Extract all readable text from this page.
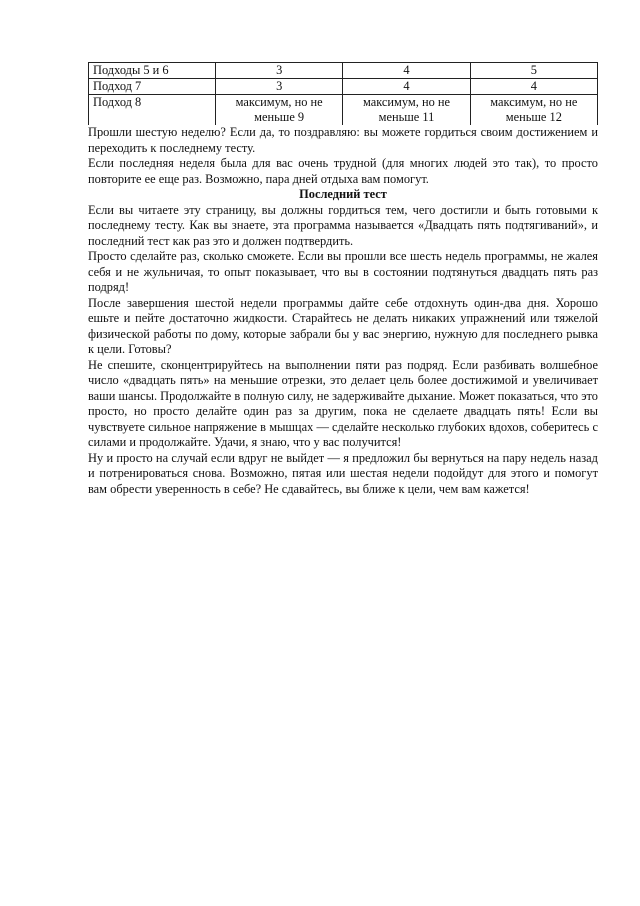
Подходы 5 и 6	3	4	5
Подход 7	3	4	4
Подход 8	максимум, но не меньше 9	максимум, но не меньше 11	максимум, но не меньше 12

Прошли шестую неделю? Если да, то поздравляю: вы можете гордиться своим достижением и переходить к последнему тесту.

Если последняя неделя была для вас очень трудной (для многих людей это так), то просто повторите ее еще раз. Возможно, пара дней отдыха вам помогут.

Последний тест

Если вы читаете эту страницу, вы должны гордиться тем, чего достигли и быть готовыми к последнему тесту. Как вы знаете, эта программа называется «Двадцать пять подтягиваний», и последний тест как раз это и должен подтвердить.

Просто сделайте раз, сколько сможете. Если вы прошли все шесть недель программы, не жалея себя и не жульничая, то опыт показывает, что вы в состоянии подтянуться двадцать пять раз подряд!

После завершения шестой недели программы дайте себе отдохнуть один-два дня. Хорошо ешьте и пейте достаточно жидкости. Старайтесь не делать никаких упражнений или тяжелой физической работы по дому, которые забрали бы у вас энергию, нужную для последнего рывка к цели. Готовы?

Не спешите, сконцентрируйтесь на выполнении пяти раз подряд. Если разбивать волшебное число «двадцать пять» на меньшие отрезки, это делает цель более достижимой и увеличивает ваши шансы. Продолжайте в полную силу, не задерживайте дыхание. Может показаться, что это просто, но просто делайте один раз за другим, пока не сделаете двадцать пять! Если вы чувствуете сильное напряжение в мышцах — сделайте несколько глубоких вдохов, соберитесь с силами и продолжайте. Удачи, я знаю, что у вас получится!

Ну и просто на случай если вдруг не выйдет — я предложил бы вернуться на пару недель назад и потренироваться снова. Возможно, пятая или шестая недели подойдут для этого и помогут вам обрести уверенность в себе? Не сдавайтесь, вы ближе к цели, чем вам кажется!
